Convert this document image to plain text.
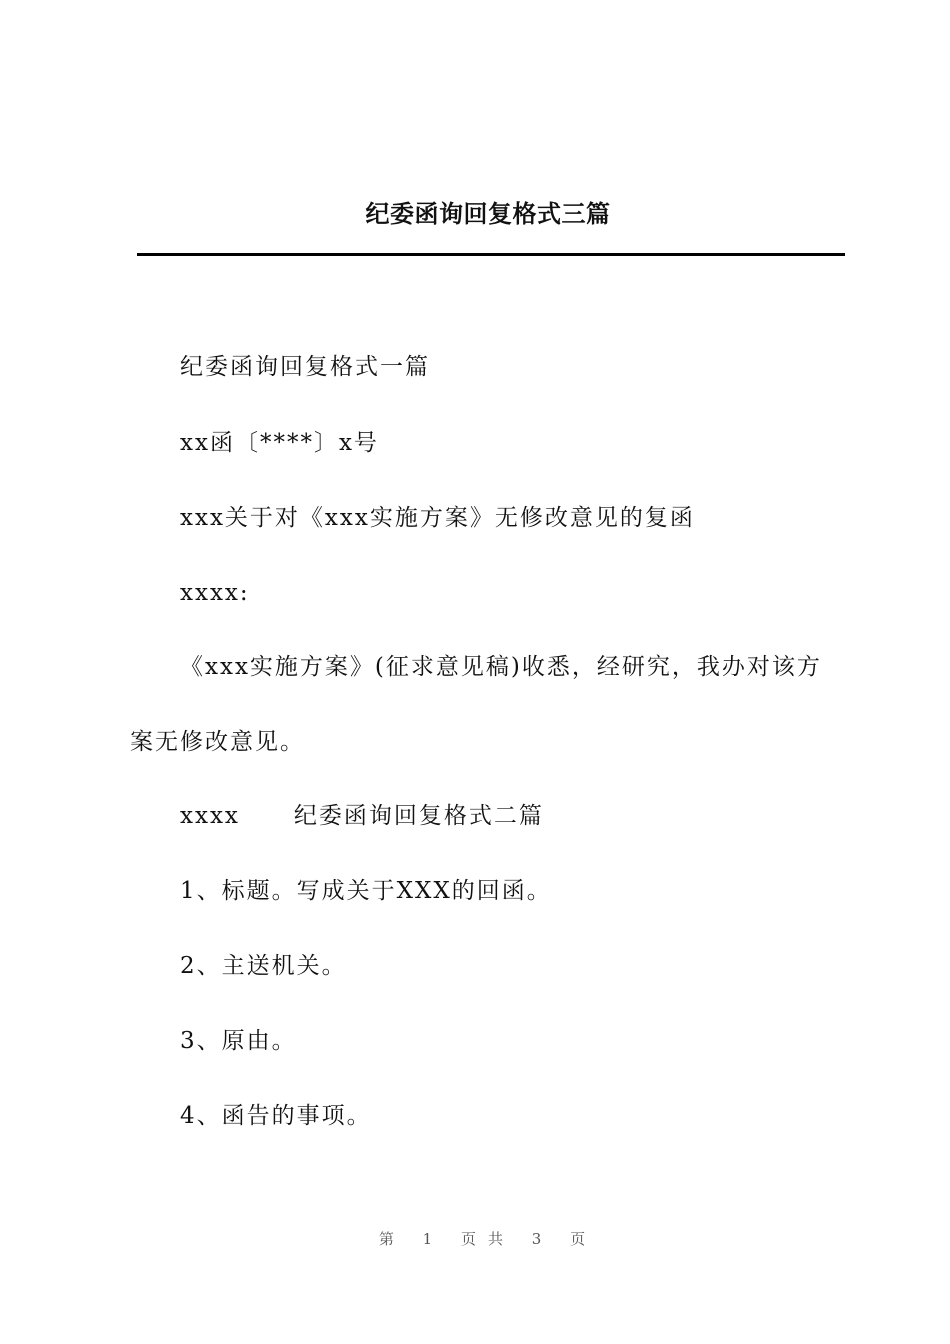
纪委函询回复格式三篇
纪委函询回复格式一篇
xx函〔****〕x号
xxx关于对《xxx实施方案》无修改意见的复函
xxxx:
《xxx实施方案》(征求意见稿)收悉，经研究，我办对该方
案无修改意见。
xxxx 纪委函询回复格式二篇
1、标题。写成关于XXX的回函。
2、主送机关。
3、原由。
4、函告的事项。
第 1 页共 3 页
